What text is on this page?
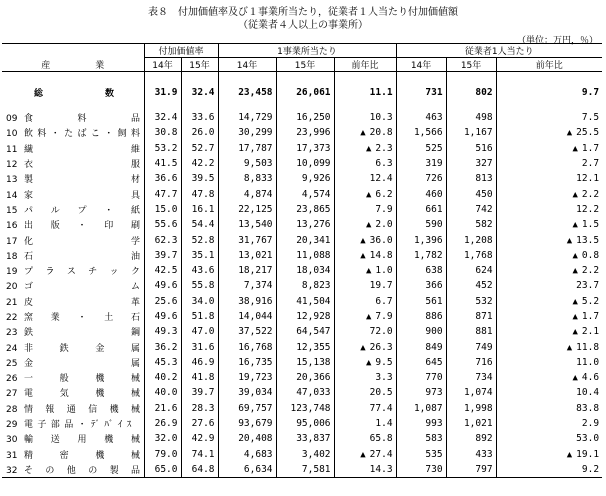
表８　付加価値率及び１事業所当たり，従業者１人当たり付加価値額
（従業者４人以上の事業所）
（単位：万円，％）
産　　　　　業	付加価値率		1事業所当たり			従業者1人当たり		
	14年	15年	14年	15年	前年比	14年	15年	前年比

総　数	31.9	32.4	23,458	26,061	11.1	731	802	9.7

09 食料品	32.4	33.6	14,729	16,250	10.3	463	498	7.5
10 飲料・たばこ・飼料	30.8	26.0	30,299	23,996	▲ 20.8	1,566	1,167	▲ 25.5
11 繊維	53.2	52.7	17,787	17,373	▲ 2.3	525	516	▲ 1.7
12 衣服	41.5	42.2	9,503	10,099	6.3	319	327	2.7
13 製材	36.6	39.5	8,833	9,926	12.4	726	813	12.1
14 家具	47.7	47.8	4,874	4,574	▲ 6.2	460	450	▲ 2.2
15 パルプ・紙	15.0	16.1	22,125	23,865	7.9	661	742	12.2
16 出版・印刷	55.6	54.4	13,540	13,276	▲ 2.0	590	582	▲ 1.5
17 化学	62.3	52.8	31,767	20,341	▲ 36.0	1,396	1,208	▲ 13.5
18 石油	39.7	35.1	13,021	11,088	▲ 14.8	1,782	1,768	▲ 0.8
19 プラスチック	42.5	43.6	18,217	18,034	▲ 1.0	638	624	▲ 2.2
20 ゴム	49.6	55.8	7,374	8,823	19.7	366	452	23.7
21 皮革	25.6	34.0	38,916	41,504	6.7	561	532	▲ 5.2
22 窯業・土石	49.6	51.8	14,044	12,928	▲ 7.9	886	871	▲ 1.7
23 鉄鋼	49.3	47.0	37,522	64,547	72.0	900	881	▲ 2.1
24 非鉄金属	36.2	31.6	16,768	12,355	▲ 26.3	849	749	▲ 11.8
25 金属	45.3	46.9	16,735	15,138	▲ 9.5	645	716	11.0
26 一般機械	40.2	41.8	19,723	20,366	3.3	770	734	▲ 4.6
27 電気機械	40.0	39.7	39,034	47,033	20.5	973	1,074	10.4
28 情報通信機械	21.6	28.3	69,757	123,748	77.4	1,087	1,998	83.8
29 電子部品・ﾃﾞﾊﾞｲｽ	26.9	27.6	93,679	95,006	1.4	993	1,021	2.9
30 輸送用機械	32.0	42.9	20,408	33,837	65.8	583	892	53.0
31 精密機械	79.0	74.1	4,683	3,402	▲ 27.4	535	433	▲ 19.1
32 その他の製品	65.0	64.8	6,634	7,581	14.3	730	797	9.2
